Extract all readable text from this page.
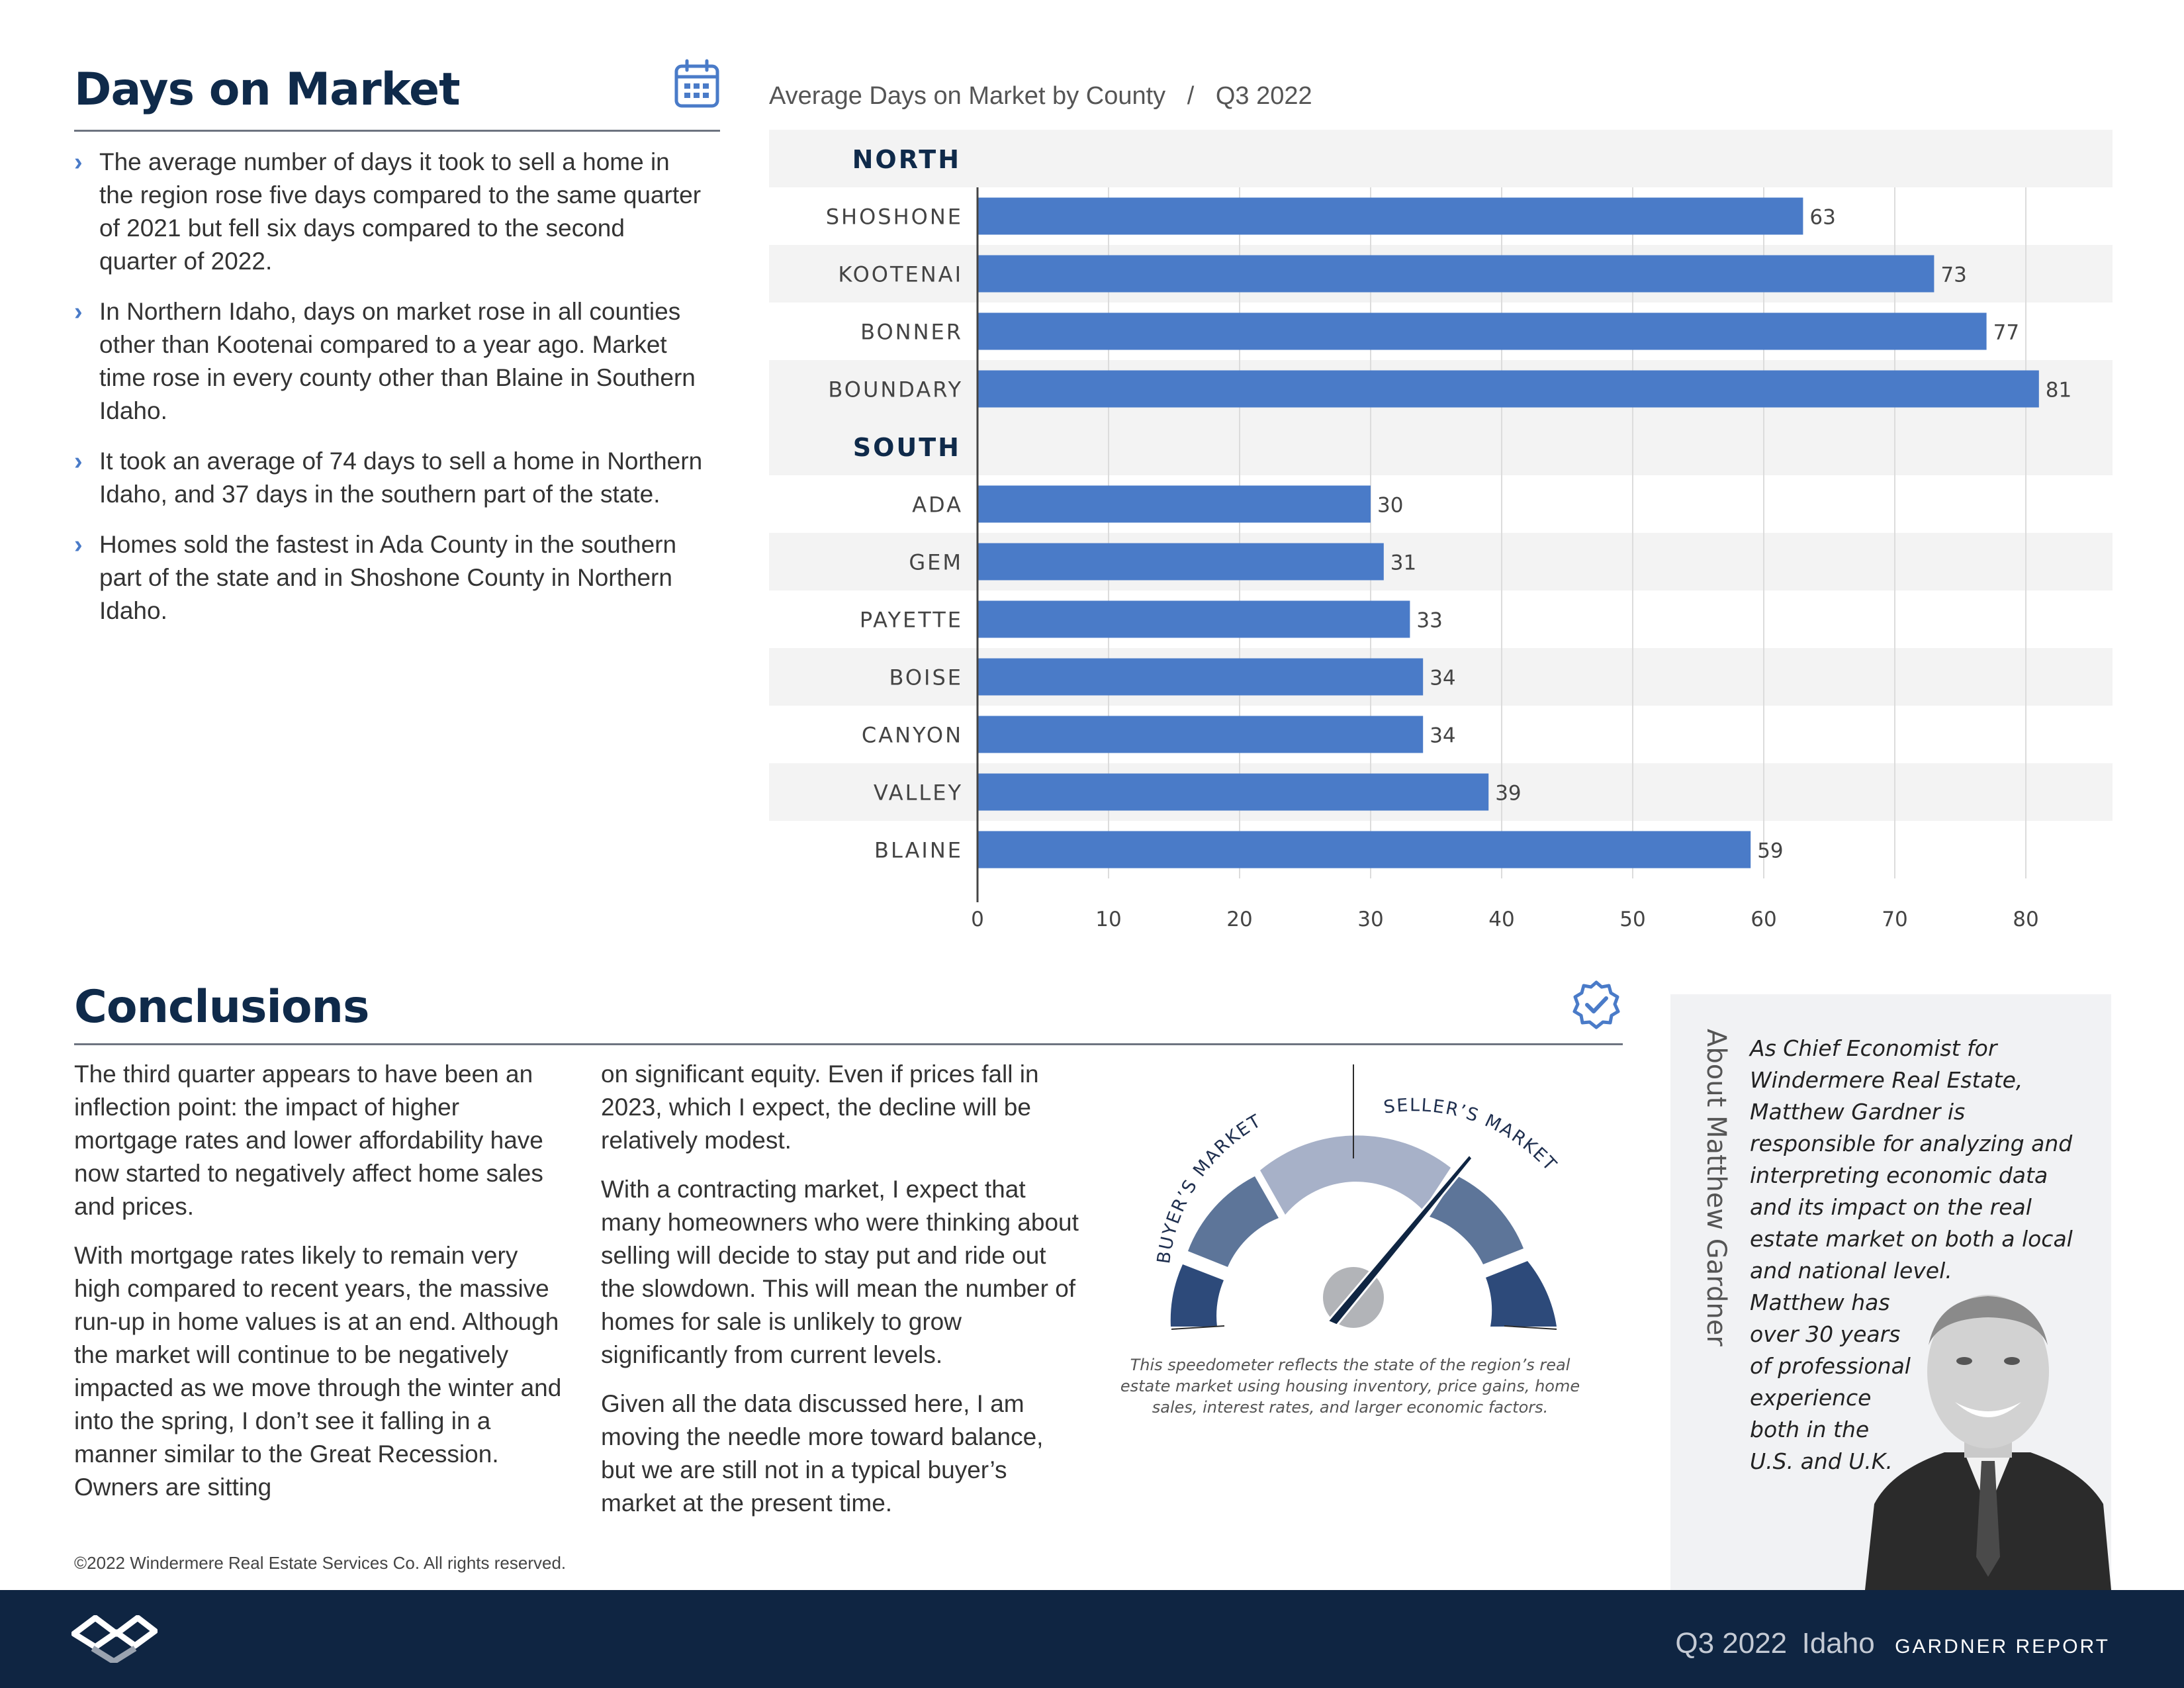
Days on Market
› The average number of days it took to sell a home in the region rose five days compared to the same quarter of 2021 but fell six days compared to the second quarter of 2022.
› In Northern Idaho, days on market rose in all counties other than Kootenai compared to a year ago. Market time rose in every county other than Blaine in Southern Idaho.
› It took an average of 74 days to sell a home in Northern Idaho, and 37 days in the southern part of the state.
› Homes sold the fastest in Ada County in the southern part of the state and in Shoshone County in Northern Idaho.
Average Days on Market by County / Q3 2022
NORTH
SOUTH
SHOSHONE	63
KOOTENAI	73
BONNER	77
BOUNDARY	81
ADA	30
GEM	31
PAYETTE	33
BOISE	34
CANYON	34
VALLEY	39
BLAINE	59
0	10	20	30	40	50	60	70	80
Conclusions

The third quarter appears to have been an inflection point: the impact of higher mortgage rates and lower affordability have now started to negatively affect home sales and prices.

With mortgage rates likely to remain very high compared to recent years, the massive run-up in home values is at an end. Although the market will continue to be negatively impacted as we move through the winter and into the spring, I don’t see it falling in a manner similar to the Great Recession. Owners are sitting

on significant equity. Even if prices fall in 2023, which I expect, the decline will be relatively modest.

With a contracting market, I expect that many homeowners who were thinking about selling will decide to stay put and ride out the slowdown. This will mean the number of homes for sale is unlikely to grow significantly from current levels.

Given all the data discussed here, I am moving the needle more toward balance, but we are still not in a typical buyer’s market at the present time.

BUYER’S MARKET
SELLER’S MARKET
This speedometer reflects the state of the region’s real estate market using housing inventory, price gains, home sales, interest rates, and larger economic factors.
About Matthew Gardner As Chief Economist for
Windermere Real Estate,
Matthew Gardner is
responsible for analyzing and
interpreting economic data
and its impact on the real
estate market on both a local
and national level.
Matthew has
over 30 years
of professional
experience
both in the
U.S. and U.K.
©2022 Windermere Real Estate Services Co. All rights reserved.
Q3 2022 Idaho GARDNER REPORT
